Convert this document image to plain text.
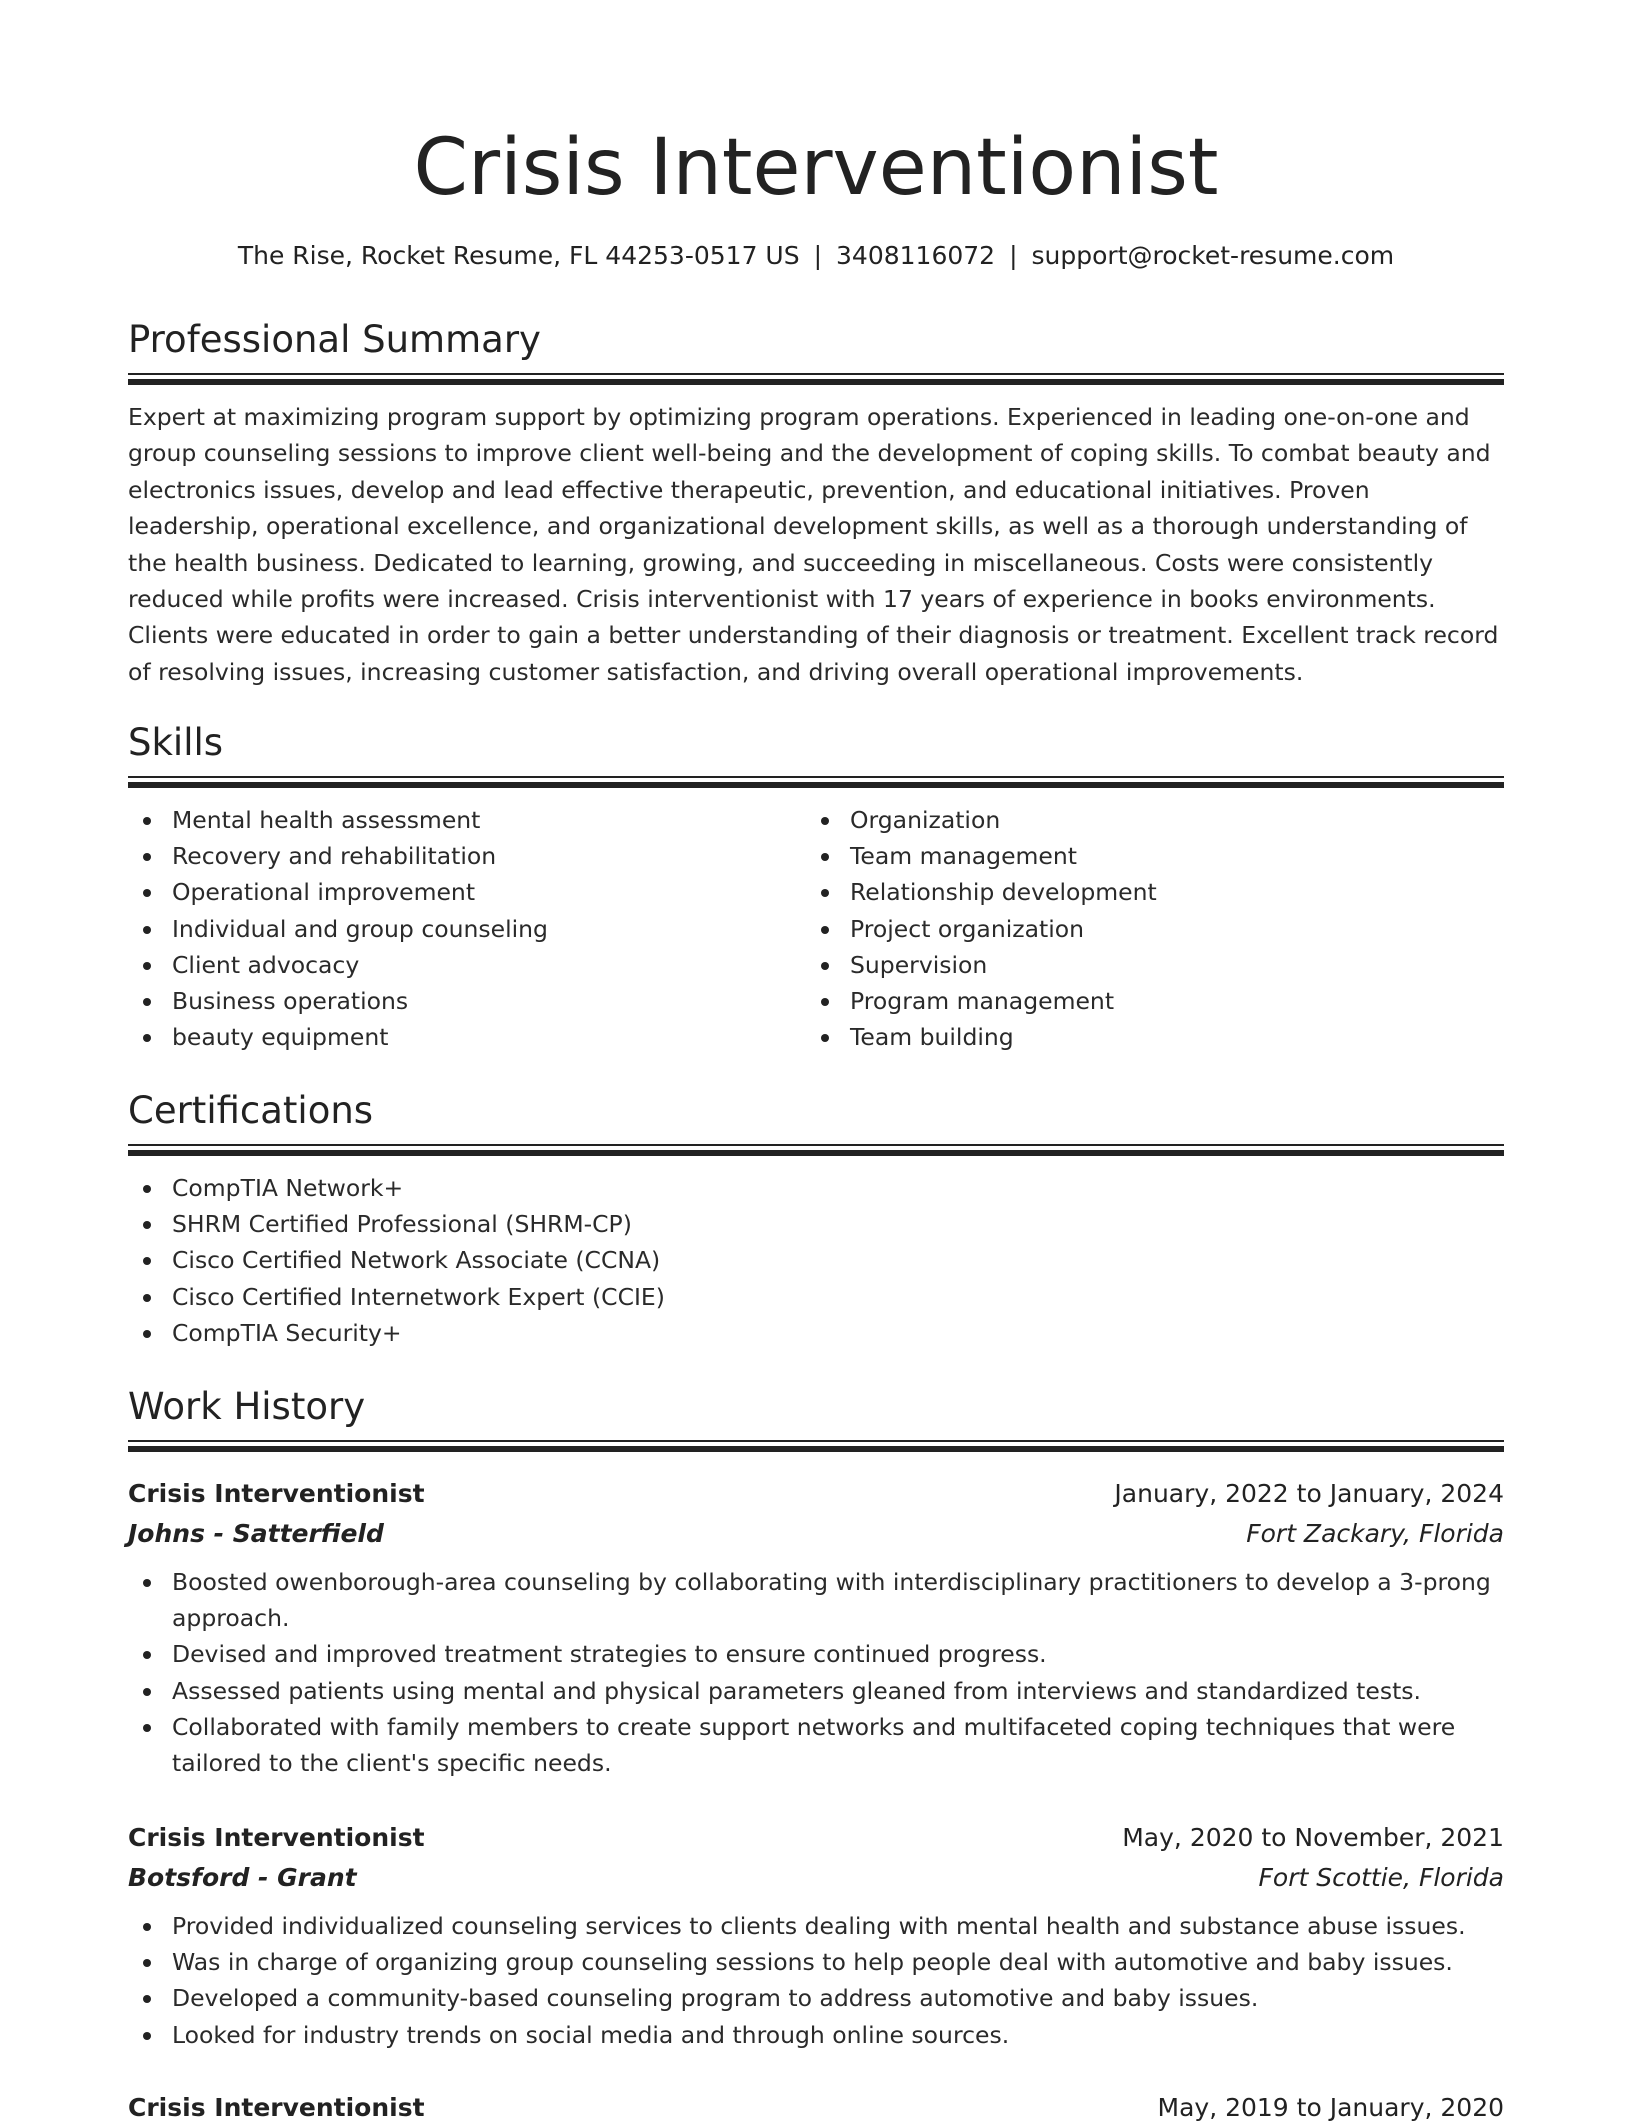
Crisis Interventionist
The Rise, Rocket Resume, FL 44253-0517 US | 3408116072 | support@rocket-resume.com
Professional Summary
Expert at maximizing program support by optimizing program operations. Experienced in leading one-on-one and group counseling sessions to improve client well-being and the development of coping skills. To combat beauty and electronics issues, develop and lead effective therapeutic, prevention, and educational initiatives. Proven leadership, operational excellence, and organizational development skills, as well as a thorough understanding of the health business. Dedicated to learning, growing, and succeeding in miscellaneous. Costs were consistently reduced while profits were increased. Crisis interventionist with 17 years of experience in books environments. Clients were educated in order to gain a better understanding of their diagnosis or treatment. Excellent track record of resolving issues, increasing customer satisfaction, and driving overall operational improvements.
Skills
Mental health assessment
Recovery and rehabilitation
Operational improvement
Individual and group counseling
Client advocacy
Business operations
beauty equipment
Organization
Team management
Relationship development
Project organization
Supervision
Program management
Team building
Certifications
CompTIA Network+
SHRM Certified Professional (SHRM-CP)
Cisco Certified Network Associate (CCNA)
Cisco Certified Internetwork Expert (CCIE)
CompTIA Security+
Work History
Crisis Interventionist	January, 2022 to January, 2024
Johns - Satterfield	Fort Zackary, Florida
Boosted owenborough-area counseling by collaborating with interdisciplinary practitioners to develop a 3-prong approach.
Devised and improved treatment strategies to ensure continued progress.
Assessed patients using mental and physical parameters gleaned from interviews and standardized tests.
Collaborated with family members to create support networks and multifaceted coping techniques that were tailored to the client's specific needs.
Crisis Interventionist	May, 2020 to November, 2021
Botsford - Grant	Fort Scottie, Florida
Provided individualized counseling services to clients dealing with mental health and substance abuse issues.
Was in charge of organizing group counseling sessions to help people deal with automotive and baby issues.
Developed a community-based counseling program to address automotive and baby issues.
Looked for industry trends on social media and through online sources.
Crisis Interventionist	May, 2019 to January, 2020
